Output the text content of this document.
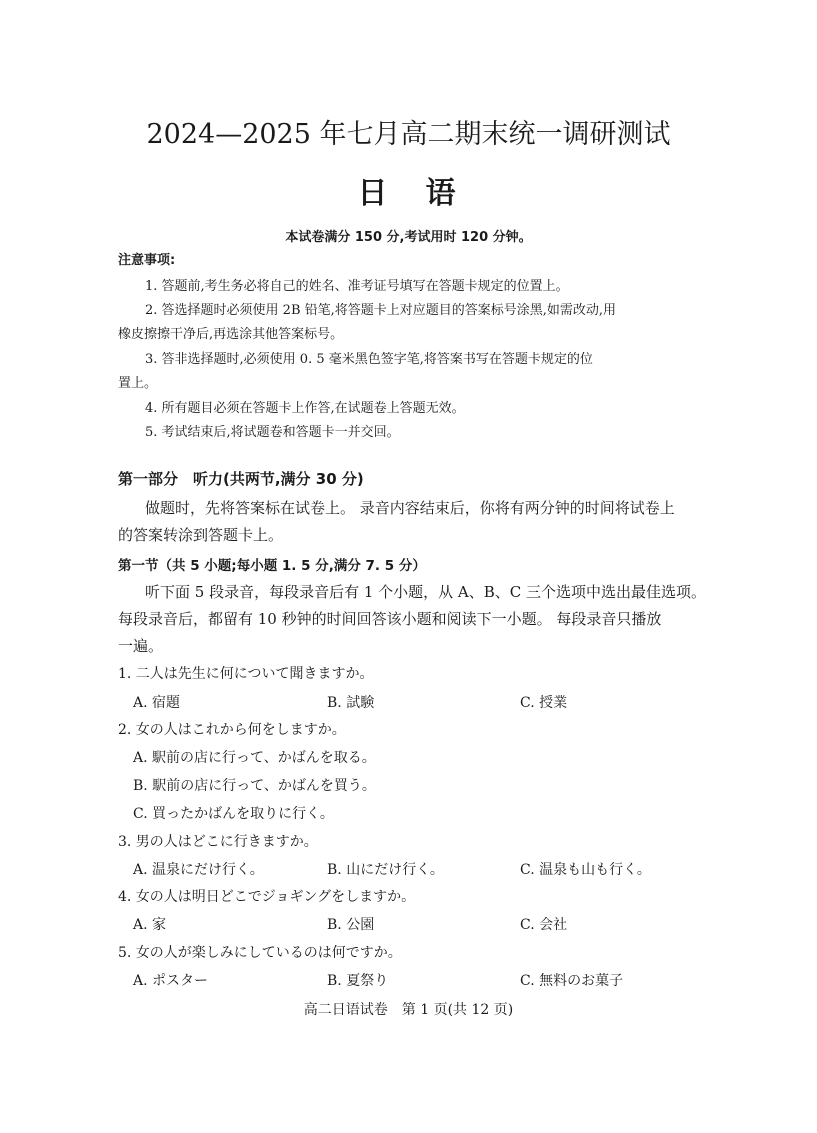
2024—2025 年七月高二期末统一调研测试
日　语
本试卷满分 150 分,考试用时 120 分钟。
注意事项:
1. 答题前,考生务必将自己的姓名、准考证号填写在答题卡规定的位置上。
2. 答选择题时必须使用 2B 铅笔,将答题卡上对应题目的答案标号涂黑,如需改动,用
橡皮擦擦干净后,再选涂其他答案标号。
3. 答非选择题时,必须使用 0. 5 毫米黑色签字笔,将答案书写在答题卡规定的位
置上。
4. 所有题目必须在答题卡上作答,在试题卷上答题无效。
5. 考试结束后,将试题卷和答题卡一并交回。
第一部分　听力(共两节,满分 30 分)
做题时，先将答案标在试卷上。 录音内容结束后，你将有两分钟的时间将试卷上
的答案转涂到答题卡上。
第一节（共 5 小题;每小题 1. 5 分,满分 7. 5 分）
听下面 5 段录音，每段录音后有 1 个小题，从 A、B、C 三个选项中选出最佳选项。
每段录音后，都留有 10 秒钟的时间回答该小题和阅读下一小题。 每段录音只播放
一遍。
1. 二人は先生に何について聞きますか。
A. 宿題	B. 試験	C. 授業
2. 女の人はこれから何をしますか。
A. 駅前の店に行って、かばんを取る。
B. 駅前の店に行って、かばんを買う。
C. 買ったかばんを取りに行く。
3. 男の人はどこに行きますか。
A. 温泉にだけ行く。	B. 山にだけ行く。	C. 温泉も山も行く。
4. 女の人は明日どこでジョギングをしますか。
A. 家	B. 公園	C. 会社
5. 女の人が楽しみにしているのは何ですか。
A. ポスター	B. 夏祭り	C. 無料のお菓子
高二日语试卷　第 1 页(共 12 页)
